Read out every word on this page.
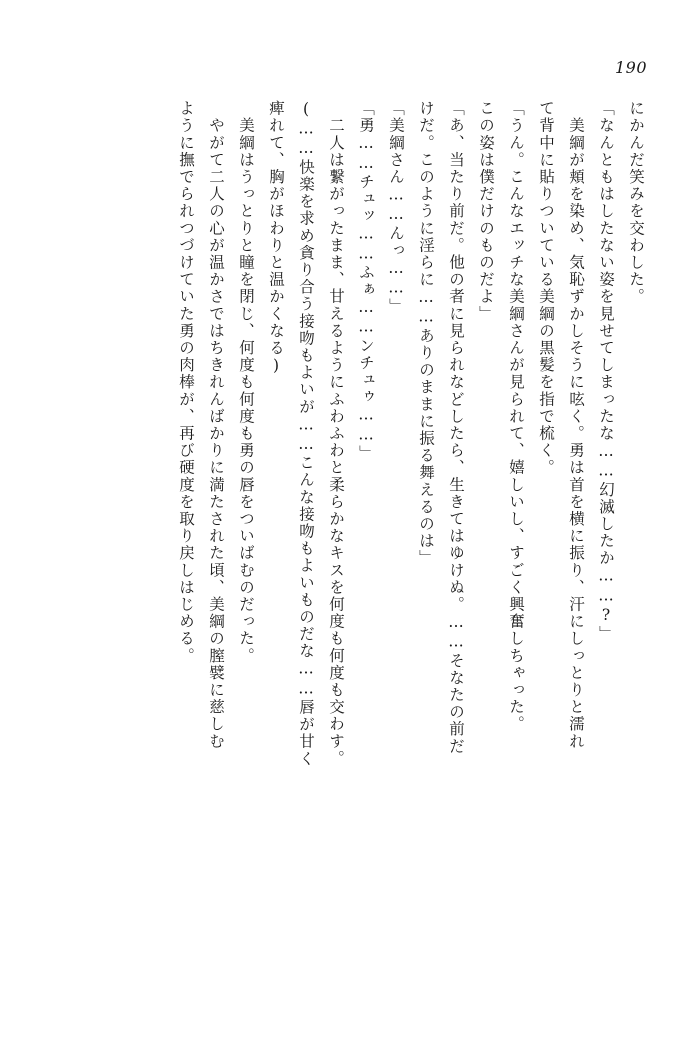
190
にかんだ笑みを交わした。
「なんともはしたない姿を見せてしまったな……幻滅したか……?」
　美綱が頬を染め、気恥ずかしそうに呟く。勇は首を横に振り、汗にしっとりと濡れ
て背中に貼りついている美綱の黒髪を指で梳く。
「うん。こんなエッチな美綱さんが見られて、嬉しいし、すごく興奮しちゃった。
この姿は僕だけのものだよ」
「あ、当たり前だ。他の者に見られなどしたら、生きてはゆけぬ。……そなたの前だ
けだ。このように淫らに……ありのままに振る舞えるのは」
「美綱さん……んっ……」
「勇……チュッ……ふぁ……ンチュゥ……」
　二人は繋がったまま、甘えるようにふわふわと柔らかなキスを何度も何度も交わす。
(……快楽を求め貪り合う接吻もよいが……こんな接吻もよいものだな……唇が甘く
痺れて、胸がほわりと温かくなる)
　美綱はうっとりと瞳を閉じ、何度も何度も勇の唇をついばむのだった。
　やがて二人の心が温かさではちきれんばかりに満たされた頃、美綱の膣襞に慈しむ
ように撫でられつづけていた勇の肉棒が、再び硬度を取り戻しはじめる。
